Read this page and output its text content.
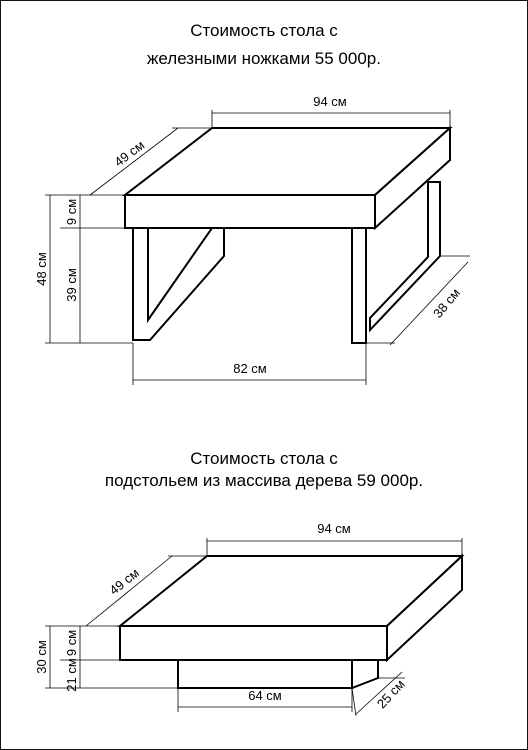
Стоимость стола с
железными ножками 55 000р.
Стоимость стола с
подстольем из массива дерева 59 000р.
94 см
49 см
9 см
48 см 39 см
82 см
38 см
94 см
49 см
9 см
30 см
21 см
64 см	25 см
